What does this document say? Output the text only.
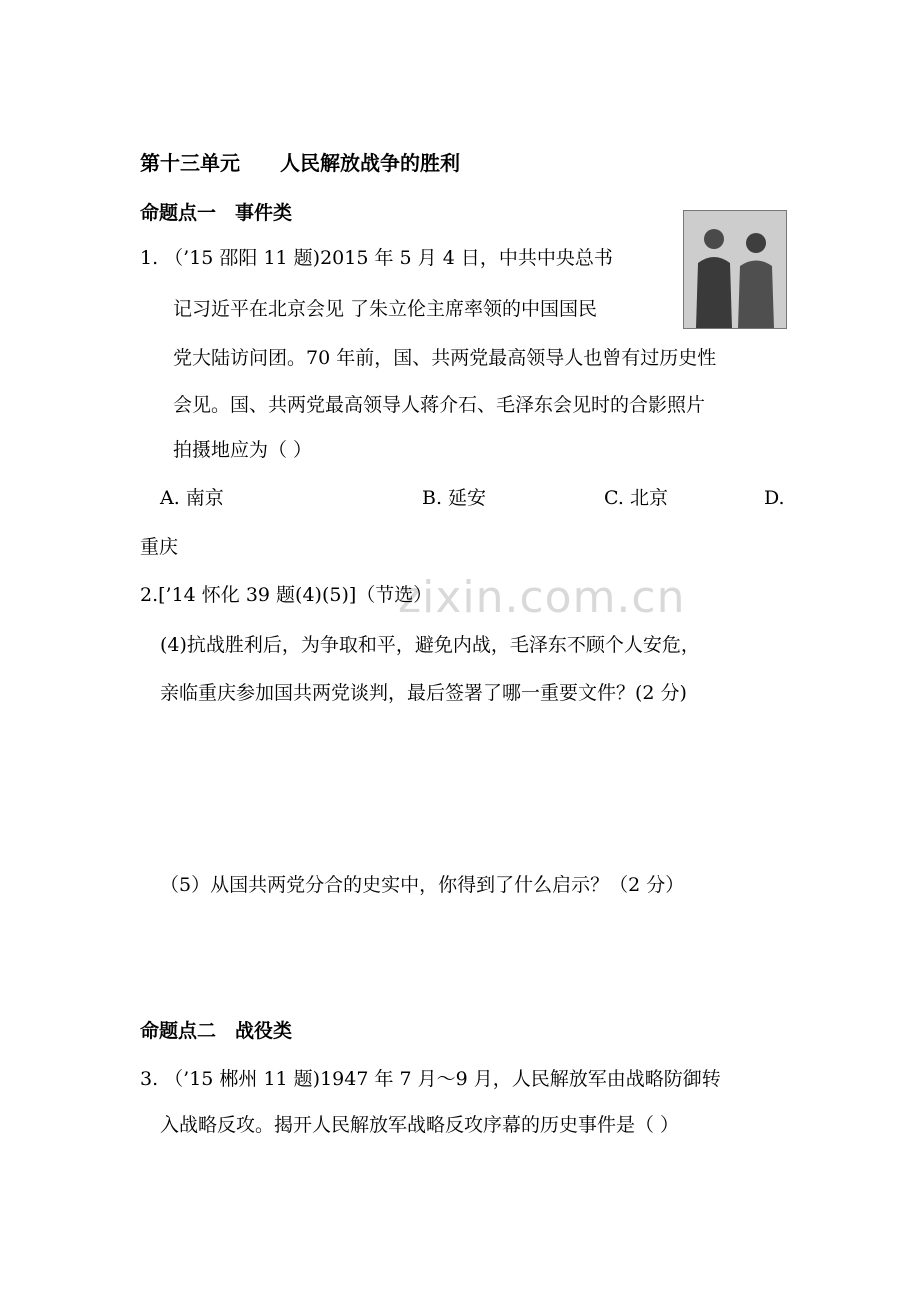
zixin.com.cn
第十三单元　　人民解放战争的胜利
命题点一　事件类
1. （’15 邵阳 11 题)2015 年 5 月 4 日，中共中央总书
记习近平在北京会见 了朱立伦主席率领的中国国民
党大陆访问团。70 年前，国、共两党最高领导人也曾有过历史性
会见。国、共两党最高领导人蒋介石、毛泽东会见时的合影照片
拍摄地应为（ ）
A. 南京	B. 延安	C. 北京	D.
重庆
2.[’14 怀化 39 题(4)(5)]（节选）
(4)抗战胜利后，为争取和平，避免内战，毛泽东不顾个人安危，
亲临重庆参加国共两党谈判，最后签署了哪一重要文件？(2 分)
（5）从国共两党分合的史实中，你得到了什么启示？（2 分）
命题点二　战役类
3. （’15 郴州 11 题)1947 年 7 月～9 月，人民解放军由战略防御转
入战略反攻。揭开人民解放军战略反攻序幕的历史事件是（ ）
